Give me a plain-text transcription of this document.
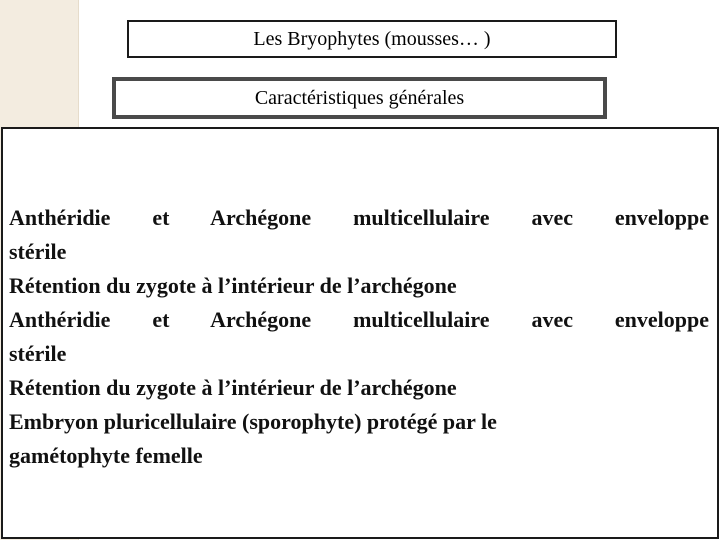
Les Bryophytes (mousses… )
Caractéristiques générales

Anthéridie et Archégone multicellulaire avec enveloppe

stérile

Rétention du zygote à l’intérieur de l’archégone

Anthéridie et Archégone multicellulaire avec enveloppe

stérile

Rétention du zygote à l’intérieur de l’archégone

Embryon pluricellulaire (sporophyte) protégé par le

gamétophyte femelle
